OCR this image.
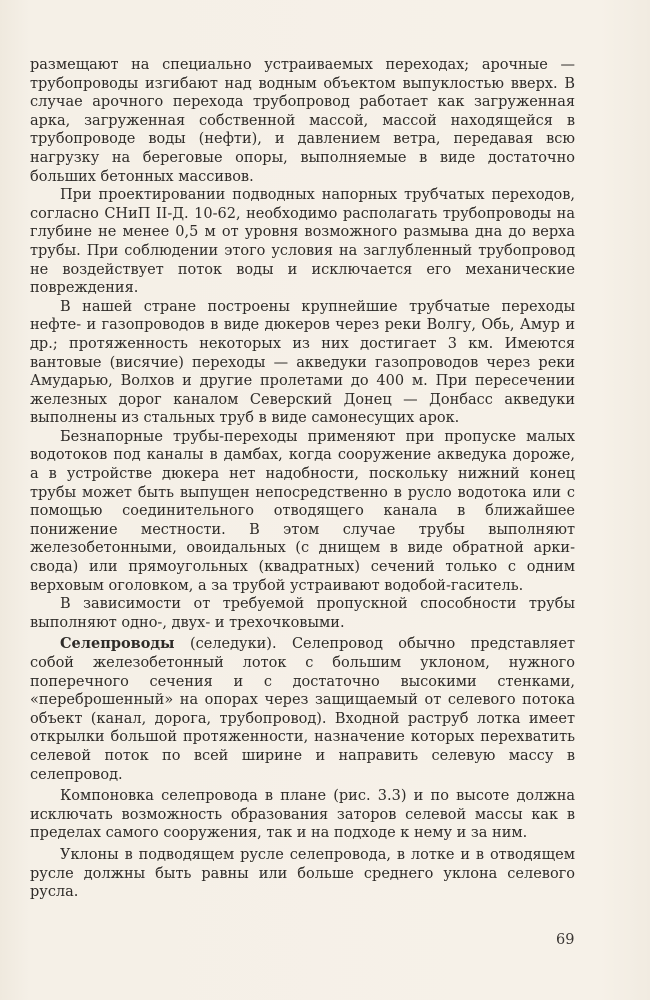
размещают на специально устраиваемых переходах; арочные — трубопроводы изгибают над водным объектом выпуклостью вверх. В случае арочного перехода трубопровод работает как загруженная арка, загруженная собственной массой, массой находящейся в трубопроводе воды (нефти), и давлением ветра, передавая всю нагрузку на береговые опоры, выполняемые в виде достаточно больших бетонных массивов.

При проектировании подводных напорных трубчатых переходов, согласно СНиП II-Д. 10-62, необходимо располагать трубопроводы на глубине не менее 0,5 м от уровня возможного размыва дна до верха трубы. При соблюдении этого условия на заглубленный трубопровод не воздействует поток воды и исключается его механические повреждения.

В нашей стране построены крупнейшие трубчатые переходы нефте- и газопроводов в виде дюкеров через реки Волгу, Обь, Амур и др.; протяженность некоторых из них достигает 3 км. Имеются вантовые (висячие) переходы — акведуки газопроводов через реки Амударью, Волхов и другие пролетами до 400 м. При пересечении железных дорог каналом Северский Донец — Донбасс акведуки выполнены из стальных труб в виде самонесущих арок.

Безнапорные трубы-переходы применяют при пропуске малых водотоков под каналы в дамбах, когда сооружение акведука дороже, а в устройстве дюкера нет надобности, поскольку нижний конец трубы может быть выпущен непосредственно в русло водотока или с помощью соединительного отводящего канала в ближайшее понижение местности. В этом случае трубы выполняют железобетонными, овоидальных (с днищем в виде обратной арки-свода) или прямоугольных (квадратных) сечений только с одним верховым оголовком, а за трубой устраивают водобой-гаситель.

В зависимости от требуемой пропускной способности трубы выполняют одно-, двух- и трехочковыми.

Селепроводы (селедуки). Селепровод обычно представляет собой железобетонный лоток с большим уклоном, нужного поперечного сечения и с достаточно высокими стенками, «переброшенный» на опорах через защищаемый от селевого потока объект (канал, дорога, трубопровод). Входной раструб лотка имеет открылки большой протяженности, назначение которых перехватить селевой поток по всей ширине и направить селевую массу в селепровод.

Компоновка селепровода в плане (рис. 3.3) и по высоте должна исключать возможность образования заторов селевой массы как в пределах самого сооружения, так и на подходе к нему и за ним.

Уклоны в подводящем русле селепровода, в лотке и в отводящем русле должны быть равны или больше среднего уклона селевого русла.

69
